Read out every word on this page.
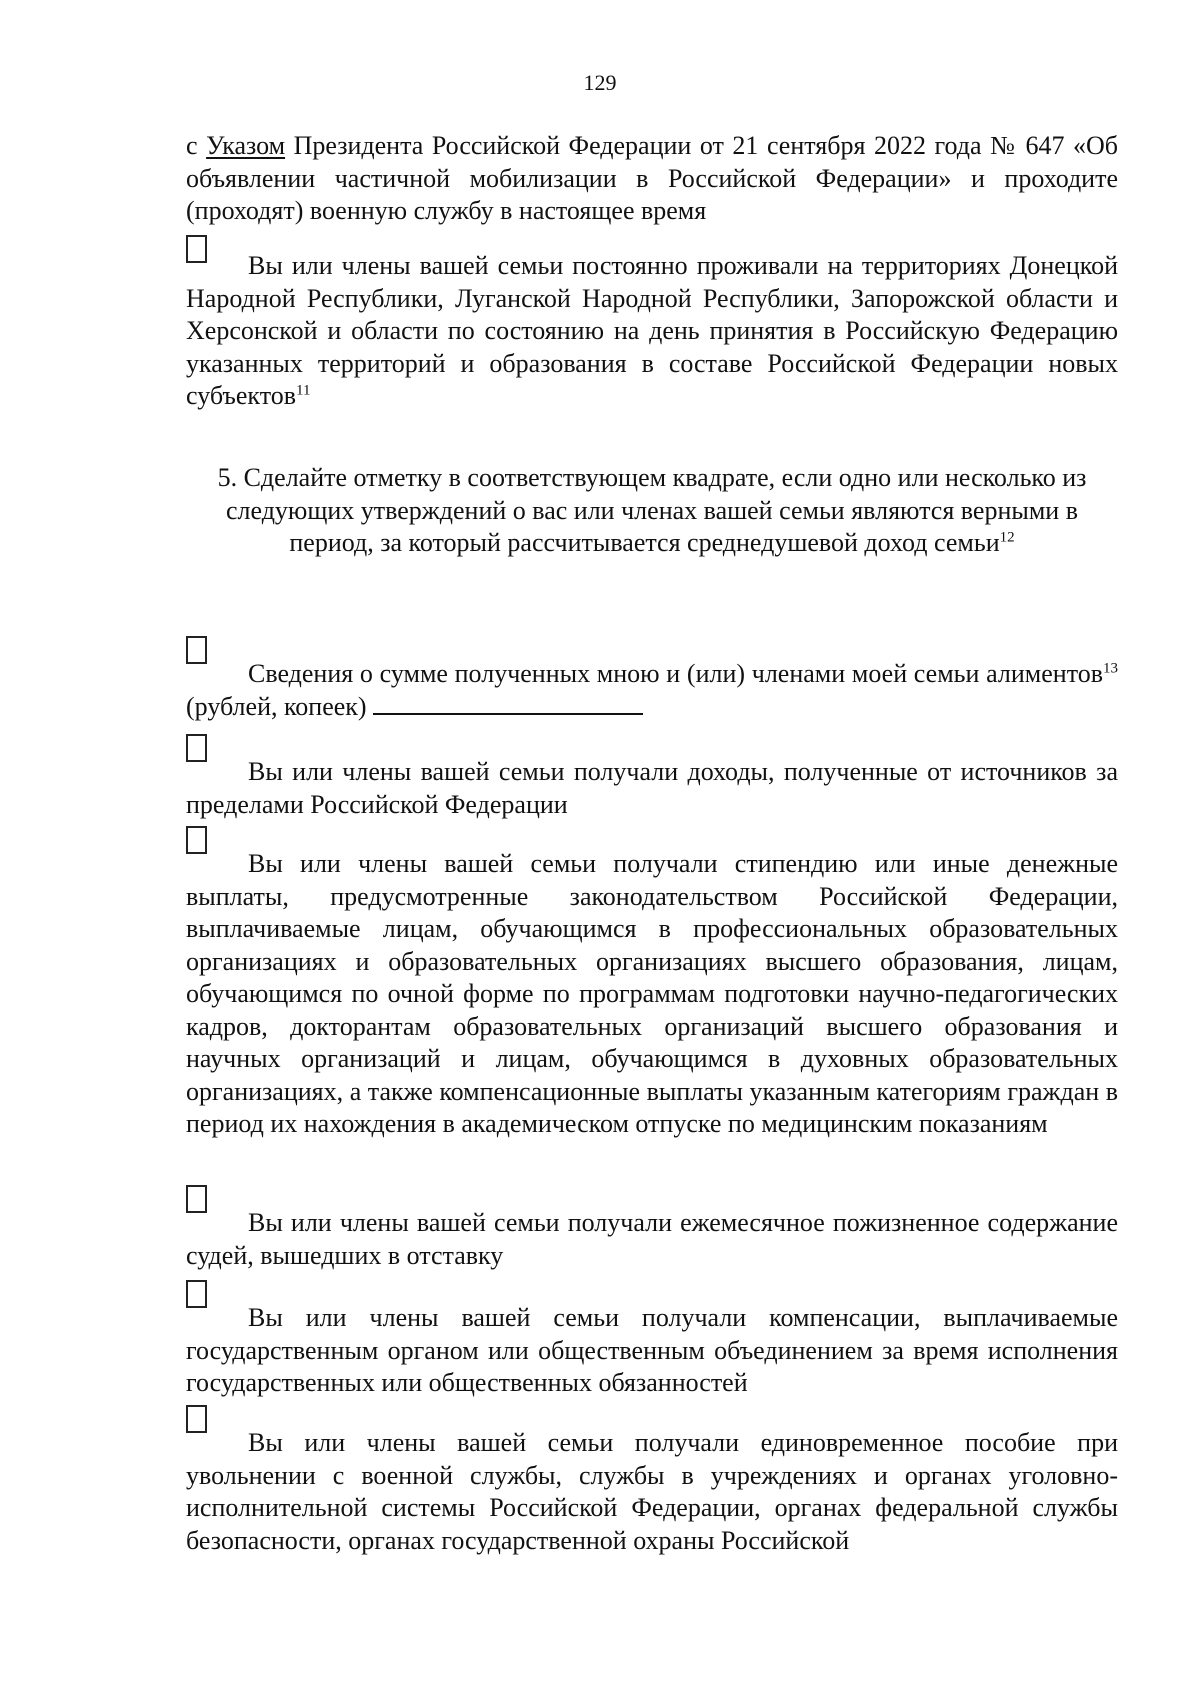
129
с Указом Президента Российской Федерации от 21 сентября 2022 года № 647 «Об объявлении частичной мобилизации в Российской Федерации» и проходите (проходят) военную службу в настоящее время
Вы или члены вашей семьи постоянно проживали на территориях Донецкой Народной Республики, Луганской Народной Республики, Запорожской области и Херсонской и области по состоянию на день принятия в Российскую Федерацию указанных территорий и образования в составе Российской Федерации новых субъектов$^{11}$
5. Сделайте отметку в соответствующем квадрате, если одно или несколько из следующих утверждений о вас или членах вашей семьи являются верными в период, за который рассчитывается среднедушевой доход семьи$^{12}$
Сведения о сумме полученных мною и (или) членами моей семьи алиментов$^{13}$ (рублей, копеек)
Вы или члены вашей семьи получали доходы, полученные от источников за пределами Российской Федерации
Вы или члены вашей семьи получали стипендию или иные денежные выплаты, предусмотренные законодательством Российской Федерации, выплачиваемые лицам, обучающимся в профессиональных образовательных организациях и образовательных организациях высшего образования, лицам, обучающимся по очной форме по программам подготовки научно-педагогических кадров, докторантам образовательных организаций высшего образования и научных организаций и лицам, обучающимся в духовных образовательных организациях, а также компенсационные выплаты указанным категориям граждан в период их нахождения в академическом отпуске по медицинским показаниям
Вы или члены вашей семьи получали ежемесячное пожизненное содержание судей, вышедших в отставку
Вы или члены вашей семьи получали компенсации, выплачиваемые государственным органом или общественным объединением за время исполнения государственных или общественных обязанностей
Вы или члены вашей семьи получали единовременное пособие при увольнении с военной службы, службы в учреждениях и органах уголовно-исполнительной системы Российской Федерации, органах федеральной службы безопасности, органах государственной охраны Российской
